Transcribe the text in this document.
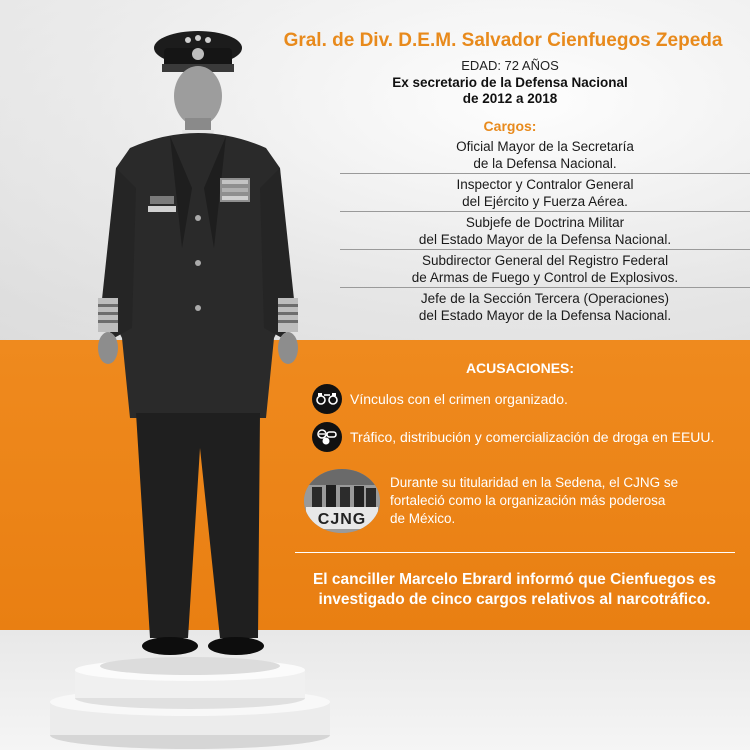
Gral. de Div. D.E.M. Salvador Cienfuegos Zepeda
EDAD: 72 AÑOS
Ex secretario de la Defensa Nacional
de 2012 a 2018
Cargos:
Oficial Mayor de la Secretaría
de la Defensa Nacional.
Inspector y Contralor General
del Ejército y Fuerza Aérea.
Subjefe de Doctrina Militar
del Estado Mayor de la Defensa Nacional.
Subdirector General del Registro Federal
de Armas de Fuego y Control de Explosivos.
Jefe de la Sección Tercera (Operaciones)
del Estado Mayor de la Defensa Nacional.
ACUSACIONES:
Vínculos con el crimen organizado.
Tráfico, distribución y comercialización de droga en EEUU.
CJNG
Durante su titularidad en la Sedena, el CJNG se
fortaleció como la organización más poderosa
de México.
El canciller Marcelo Ebrard informó que Cienfuegos es
investigado de cinco cargos relativos al narcotráfico.
